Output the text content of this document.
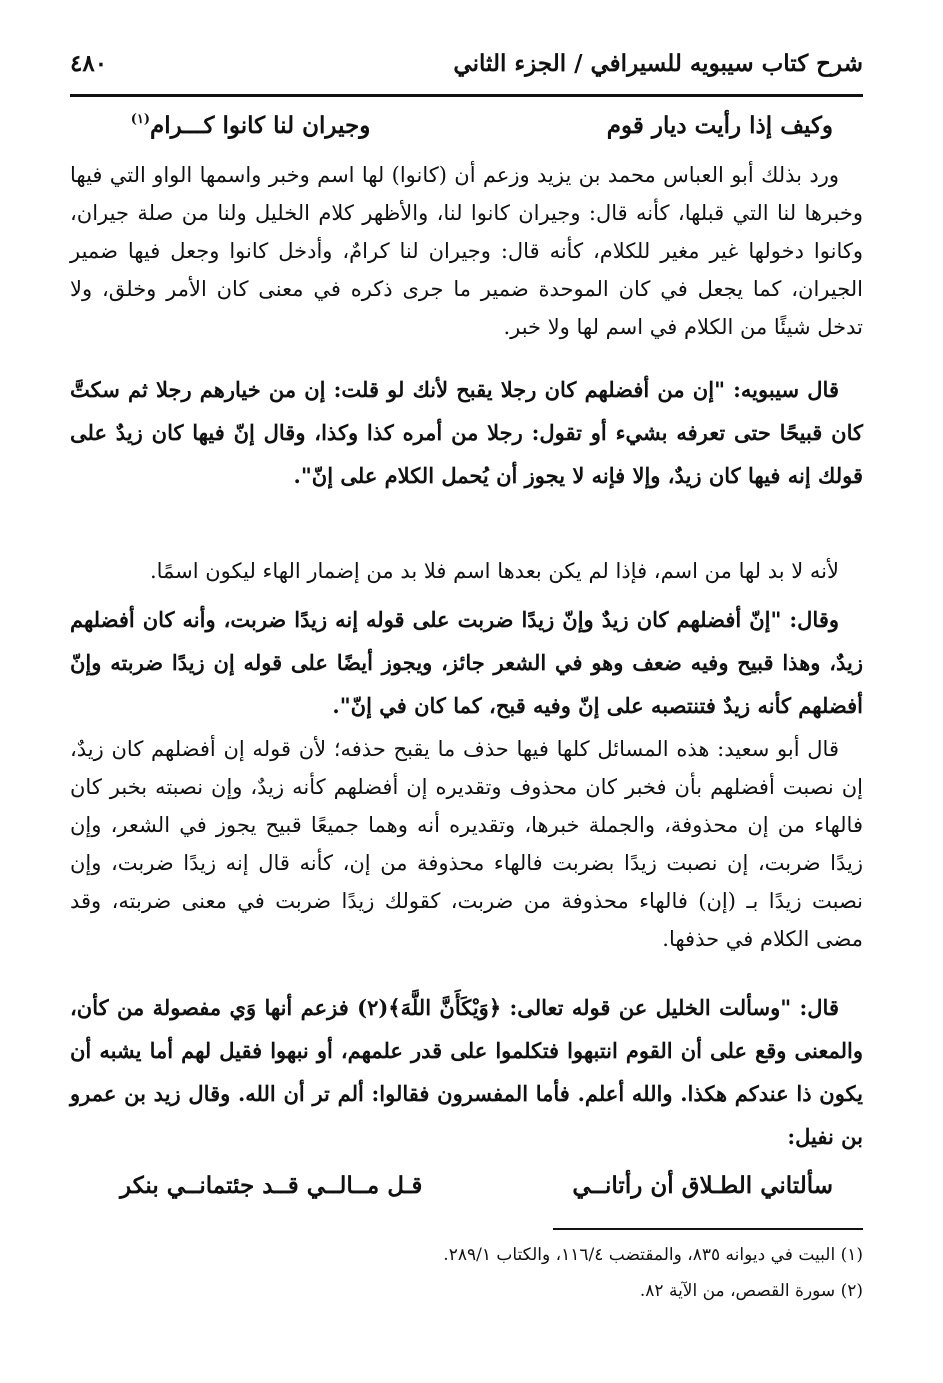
شرح كتاب سيبويه للسيرافي / الجزء الثاني
٤٨٠
وكيف إذا رأيت ديار قوم
وجيران لنا كانوا كـــرام
(١)
ورد بذلك أبو العباس محمد بن يزيد وزعم أن (كانوا) لها اسم وخبر واسمها الواو التي فيها وخبرها لنا التي قبلها، كأنه قال: وجيران كانوا لنا، والأظهر كلام الخليل ولنا من صلة جيران، وكانوا دخولها غير مغير للكلام، كأنه قال: وجيران لنا كرامٌ، وأدخل كانوا وجعل فيها ضمير الجيران، كما يجعل في كان الموحدة ضمير ما جرى ذكره في معنى كان الأمر وخلق، ولا تدخل شيئًا من الكلام في اسم لها ولا خبر.
قال سيبويه: "إن من أفضلهم كان رجلا يقبح لأنك لو قلت: إن من خيارهم رجلا ثم سكتَّ كان قبيحًا حتى تعرفه بشيء أو تقول: رجلا من أمره كذا وكذا، وقال إنّ فيها كان زيدٌ على قولك إنه فيها كان زيدٌ، وإلا فإنه لا يجوز أن يُحمل الكلام على إنّ".
لأنه لا بد لها من اسم، فإذا لم يكن بعدها اسم فلا بد من إضمار الهاء ليكون اسمًا.
وقال: "إنّ أفضلهم كان زيدٌ وإنّ زيدًا ضربت على قوله إنه زيدًا ضربت، وأنه كان أفضلهم زيدٌ، وهذا قبيح وفيه ضعف وهو في الشعر جائز، ويجوز أيضًا على قوله إن زيدًا ضربته وإنّ أفضلهم كأنه زيدٌ فتنتصبه على إنّ وفيه قبح، كما كان في إنّ".
قال أبو سعيد: هذه المسائل كلها فيها حذف ما يقبح حذفه؛ لأن قوله إن أفضلهم كان زيدٌ، إن نصبت أفضلهم بأن فخبر كان محذوف وتقديره إن أفضلهم كأنه زيدٌ، وإن نصبته بخبر كان فالهاء من إن محذوفة، والجملة خبرها، وتقديره أنه وهما جميعًا قبيح يجوز في الشعر، وإن زيدًا ضربت، إن نصبت زيدًا بضربت فالهاء محذوفة من إن، كأنه قال إنه زيدًا ضربت، وإن نصبت زيدًا بـ (إن) فالهاء محذوفة من ضربت، كقولك زيدًا ضربت في معنى ضربته، وقد مضى الكلام في حذفها.
قال: "وسألت الخليل عن قوله تعالى: ﴿وَيْكَأَنَّ اللَّهَ﴾(٢) فزعم أنها وَي مفصولة من كأن، والمعنى وقع على أن القوم انتبهوا فتكلموا على قدر علمهم، أو نبهوا فقيل لهم أما يشبه أن يكون ذا عندكم هكذا. والله أعلم. فأما المفسرون فقالوا: ألم تر أن الله. وقال زيد بن عمرو بن نفيل:
سألتاني الطـلاق أن رأتانــي
قـل مــالــي قــد جئتمانــي بنكر
(١) البيت في ديوانه ٨٣٥، والمقتضب ١١٦/٤، والكتاب ٢٨٩/١.
(٢) سورة القصص، من الآية ٨٢.
